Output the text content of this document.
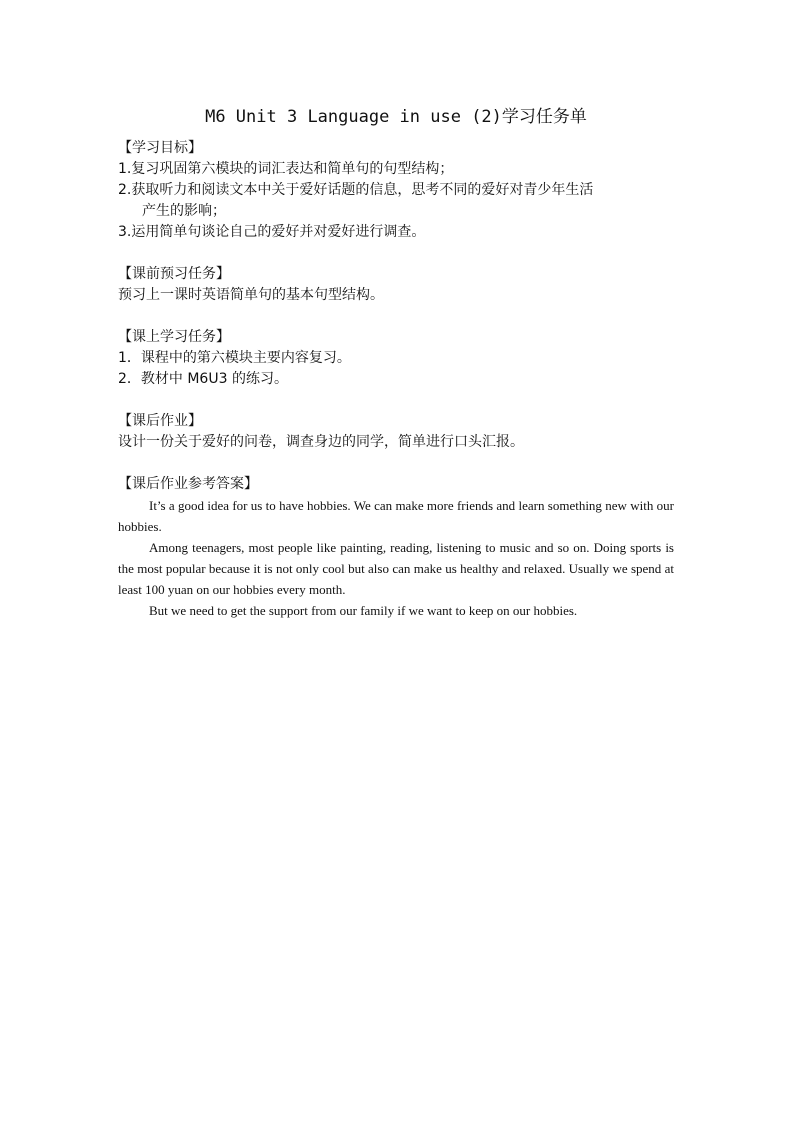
M6 Unit 3 Language in use (2)学习任务单

【学习目标】

1.复习巩固第六模块的词汇表达和简单句的句型结构；

2.获取听力和阅读文本中关于爱好话题的信息，思考不同的爱好对青少年生活

产生的影响；

3.运用简单句谈论自己的爱好并对爱好进行调查。

【课前预习任务】

预习上一课时英语简单句的基本句型结构。

【课上学习任务】

1．课程中的第六模块主要内容复习。

2．教材中 M6U3 的练习。

【课后作业】

设计一份关于爱好的问卷，调查身边的同学，简单进行口头汇报。

【课后作业参考答案】

It’s a good idea for us to have hobbies. We can make more friends and learn something new with our hobbies.

Among teenagers, most people like painting, reading, listening to music and so on. Doing sports is the most popular because it is not only cool but also can make us healthy and relaxed. Usually we spend at least 100 yuan on our hobbies every month.

But we need to get the support from our family if we want to keep on our hobbies.
